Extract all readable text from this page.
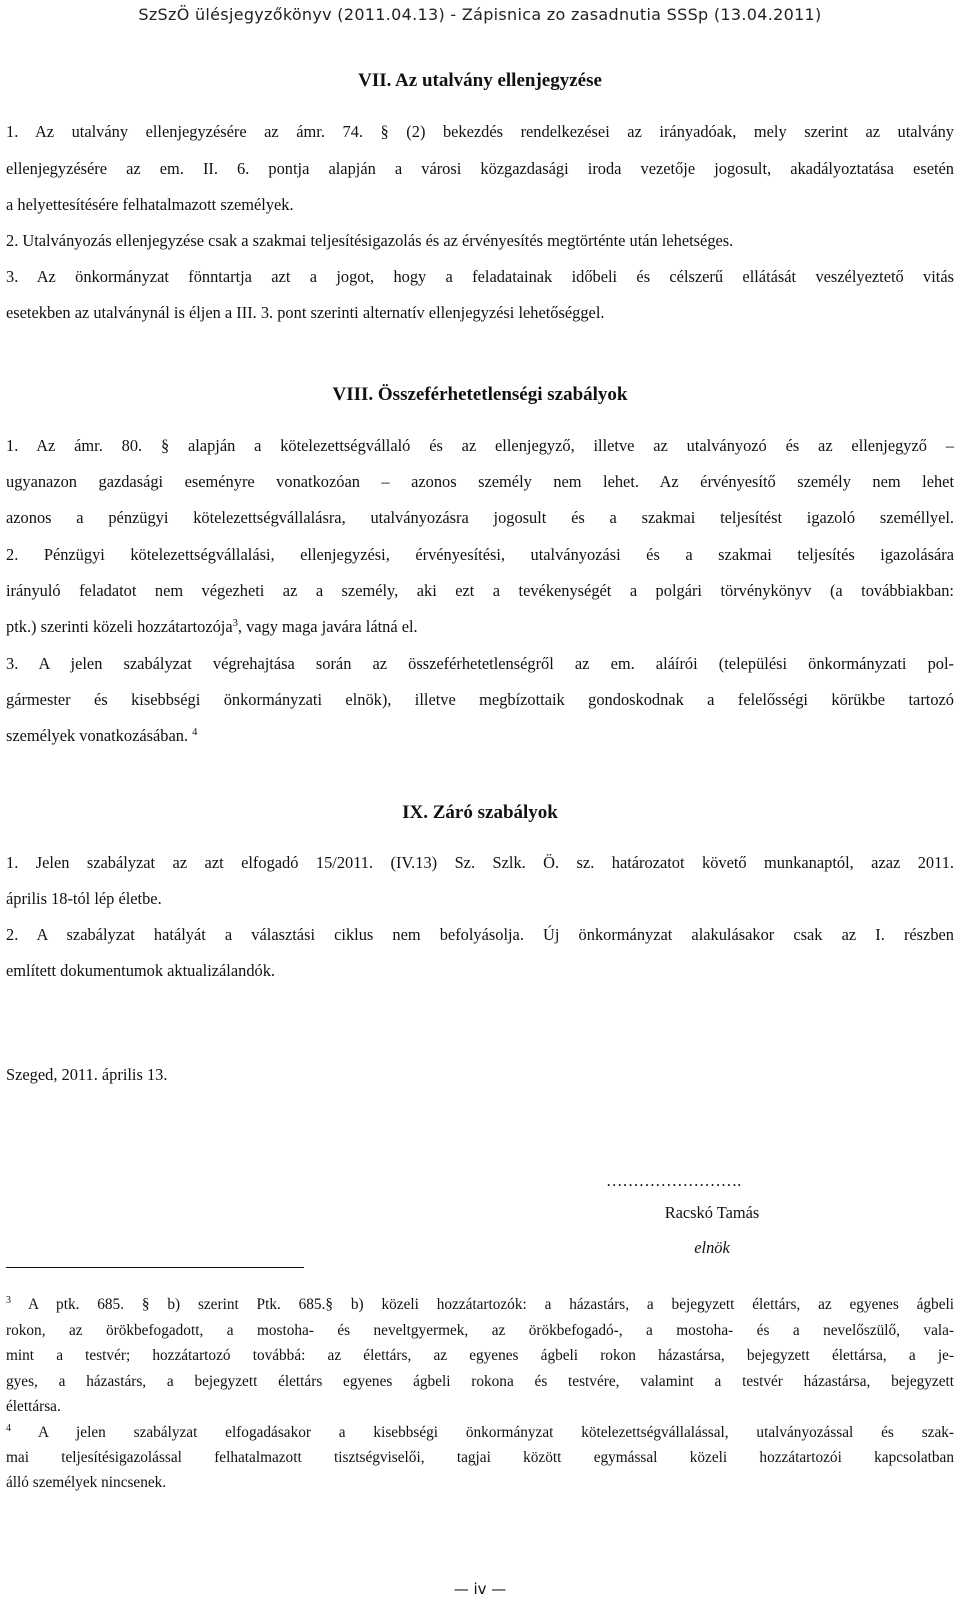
SzSzÖ ülésjegyzőkönyv (2011.04.13) - Zápisnica zo zasadnutia SSSp (13.04.2011)
VII. Az utalvány ellenjegyzése
1. Az utalvány ellenjegyzésére az ámr. 74. § (2) bekezdés rendelkezései az irányadóak, mely szerint az utalvány
ellenjegyzésére az em. II. 6. pontja alapján a városi közgazdasági iroda vezetője jogosult, akadályoztatása esetén
a helyettesítésére felhatalmazott személyek.
2. Utalványozás ellenjegyzése csak a szakmai teljesítésigazolás és az érvényesítés megtörténte után lehetséges.
3. Az önkormányzat fönntartja azt a jogot, hogy a feladatainak időbeli és célszerű ellátását veszélyeztető vitás
esetekben az utalványnál is éljen a III. 3. pont szerinti alternatív ellenjegyzési lehetőséggel.
VIII. Összeférhetetlenségi szabályok
1. Az ámr. 80. § alapján a kötelezettségvállaló és az ellenjegyző, illetve az utalványozó és az ellenjegyző –
ugyanazon gazdasági eseményre vonatkozóan – azonos személy nem lehet. Az érvényesítő személy nem lehet
azonos a pénzügyi kötelezettségvállalásra, utalványozásra jogosult és a szakmai teljesítést igazoló személlyel.
2. Pénzügyi kötelezettségvállalási, ellenjegyzési, érvényesítési, utalványozási és a szakmai teljesítés igazolására
irányuló feladatot nem végezheti az a személy, aki ezt a tevékenységét a polgári törvénykönyv (a továbbiakban:
ptk.) szerinti közeli hozzátartozója$^3$, vagy maga javára látná el.
3. A jelen szabályzat végrehajtása során az összeférhetetlenségről az em. aláírói (települési önkormányzati pol-
gármester és kisebbségi önkormányzati elnök), illetve megbízottaik gondoskodnak a felelősségi körükbe tartozó
személyek vonatkozásában. $^4$
IX. Záró szabályok
1. Jelen szabályzat az azt elfogadó 15/2011. (IV.13) Sz. Szlk. Ö. sz. határozatot követő munkanaptól, azaz 2011.
április 18-tól lép életbe.
2. A szabályzat hatályát a választási ciklus nem befolyásolja. Új önkormányzat alakulásakor csak az I. részben
említett dokumentumok aktualizálandók.
Szeged, 2011. április 13.
…………………….
Racskó Tamás
elnök
$^3$ A ptk. 685. § b) szerint Ptk. 685.§ b) közeli hozzátartozók: a házastárs, a bejegyzett élettárs, az egyenes ágbeli
rokon, az örökbefogadott, a mostoha- és neveltgyermek, az örökbefogadó-, a mostoha- és a nevelőszülő, vala-
mint a testvér; hozzátartozó továbbá: az élettárs, az egyenes ágbeli rokon házastársa, bejegyzett élettársa, a je-
gyes, a házastárs, a bejegyzett élettárs egyenes ágbeli rokona és testvére, valamint a testvér házastársa, bejegyzett
élettársa.
$^4$ A jelen szabályzat elfogadásakor a kisebbségi önkormányzat kötelezettségvállalással, utalványozással és szak-
mai teljesítésigazolással felhatalmazott tisztségviselői, tagjai között egymással közeli hozzátartozói kapcsolatban
álló személyek nincsenek.
— iv —
